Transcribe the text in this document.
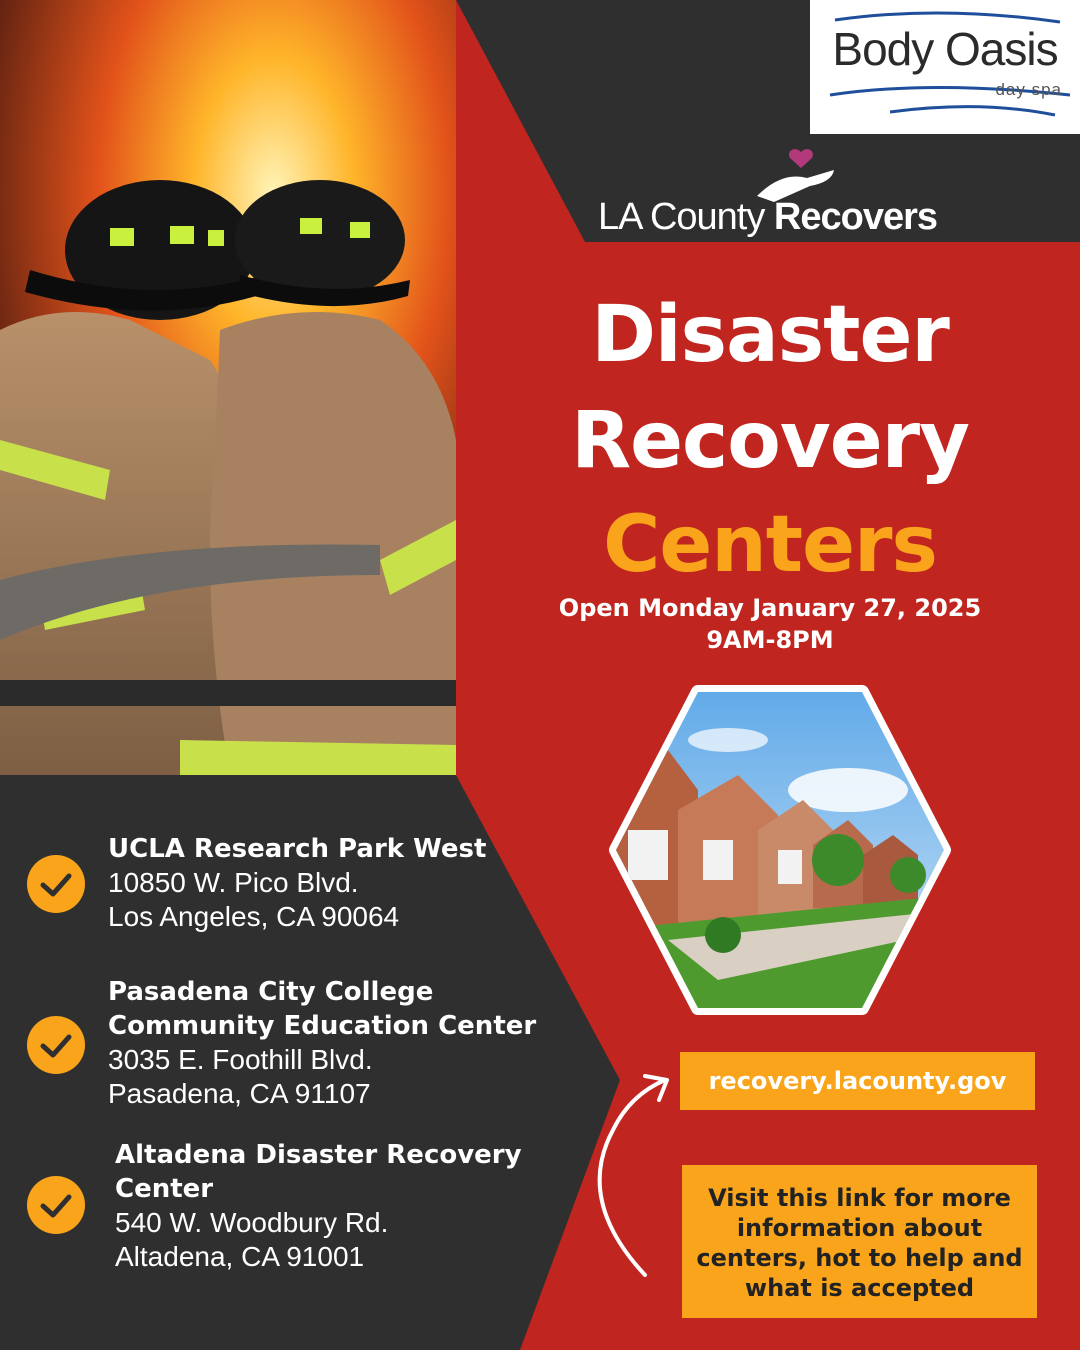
Body Oasis
day spa
LA County Recovers
Disaster
Recovery
Centers
Open Monday January 27, 2025
9AM-8PM
UCLA Research Park West
10850 W. Pico Blvd.
Los Angeles, CA 90064
Pasadena City College
Community Education Center
3035 E. Foothill Blvd.
Pasadena, CA 91107
Altadena Disaster Recovery
Center
540 W. Woodbury Rd.
Altadena, CA 91001
recovery.lacounty.gov
Visit this link for more
information about
centers, hot to help and
what is accepted
